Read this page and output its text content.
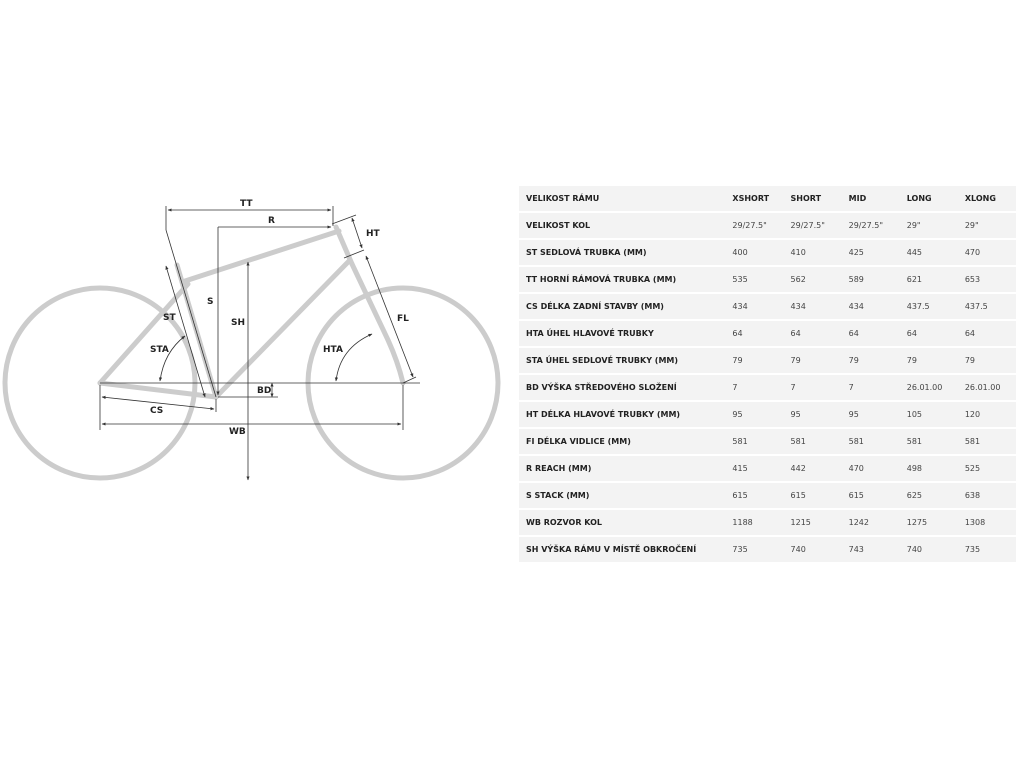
TT
R
S
HT
FL
SH
ST
STA	HTA
BD
CS
WB
VELIKOST RÁMU	XSHORT	SHORT	MID	LONG	XLONG
VELIKOST KOL	29/27.5"	29/27.5"	29/27.5"	29"	29"
ST SEDLOVÁ TRUBKA (MM)	400	410	425	445	470
TT HORNÍ RÁMOVÁ TRUBKA (MM)	535	562	589	621	653
CS DÉLKA ZADNÍ STAVBY (MM)	434	434	434	437.5	437.5
HTA ÚHEL HLAVOVÉ TRUBKY	64	64	64	64	64
STA ÚHEL SEDLOVÉ TRUBKY (MM)	79	79	79	79	79
BD VÝŠKA STŘEDOVÉHO SLOŽENÍ	7	7	7	26.01.00	26.01.00
HT DÉLKA HLAVOVÉ TRUBKY (MM)	95	95	95	105	120
FI DÉLKA VIDLICE (MM)	581	581	581	581	581
R REACH (MM)	415	442	470	498	525
S STACK (MM)	615	615	615	625	638
WB ROZVOR KOL	1188	1215	1242	1275	1308
SH VÝŠKA RÁMU V MÍSTĚ OBKROČENÍ	735	740	743	740	735
